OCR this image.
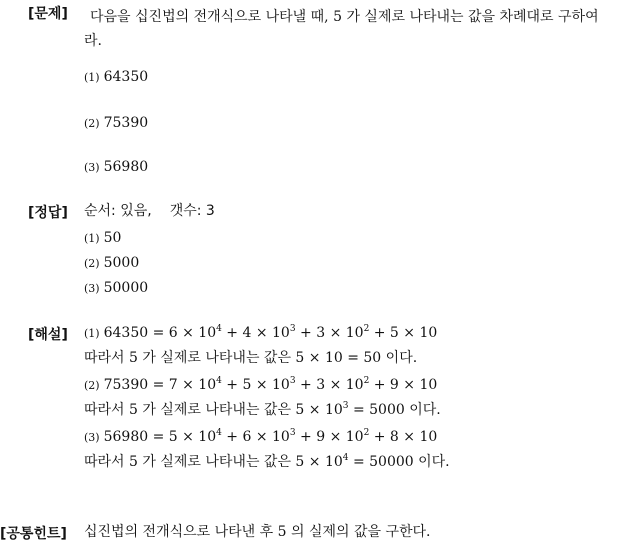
[문제]	다음을 십진법의 전개식으로 나타낼 때, 5 가 실제로 나타내는 값을 차례대로 구하여라.
(1) 64350
(2) 75390
(3) 56980
[정답] 순서: 있음, 갯수: 3
(1) 50
(2) 5000
(3) 50000
[해설] (1) $64350 = 6 \times 10^4 + 4 \times 10^3 + 3 \times 10^2 + 5 \times 10$
따라서 5 가 실제로 나타내는 값은 5 × 10 = 50 이다.
(2) $75390 = 7 \times 10^4 + 5 \times 10^3 + 3 \times 10^2 + 9 \times 10$
따라서 5 가 실제로 나타내는 값은 $5 \times 10^3 = 5000$ 이다.
(3) $56980 = 5 \times 10^4 + 6 \times 10^3 + 9 \times 10^2 + 8 \times 10$
따라서 5 가 실제로 나타내는 값은 $5 \times 10^4 = 50000$ 이다.
[공통힌트] 십진법의 전개식으로 나타낸 후 5 의 실제의 값을 구한다.
